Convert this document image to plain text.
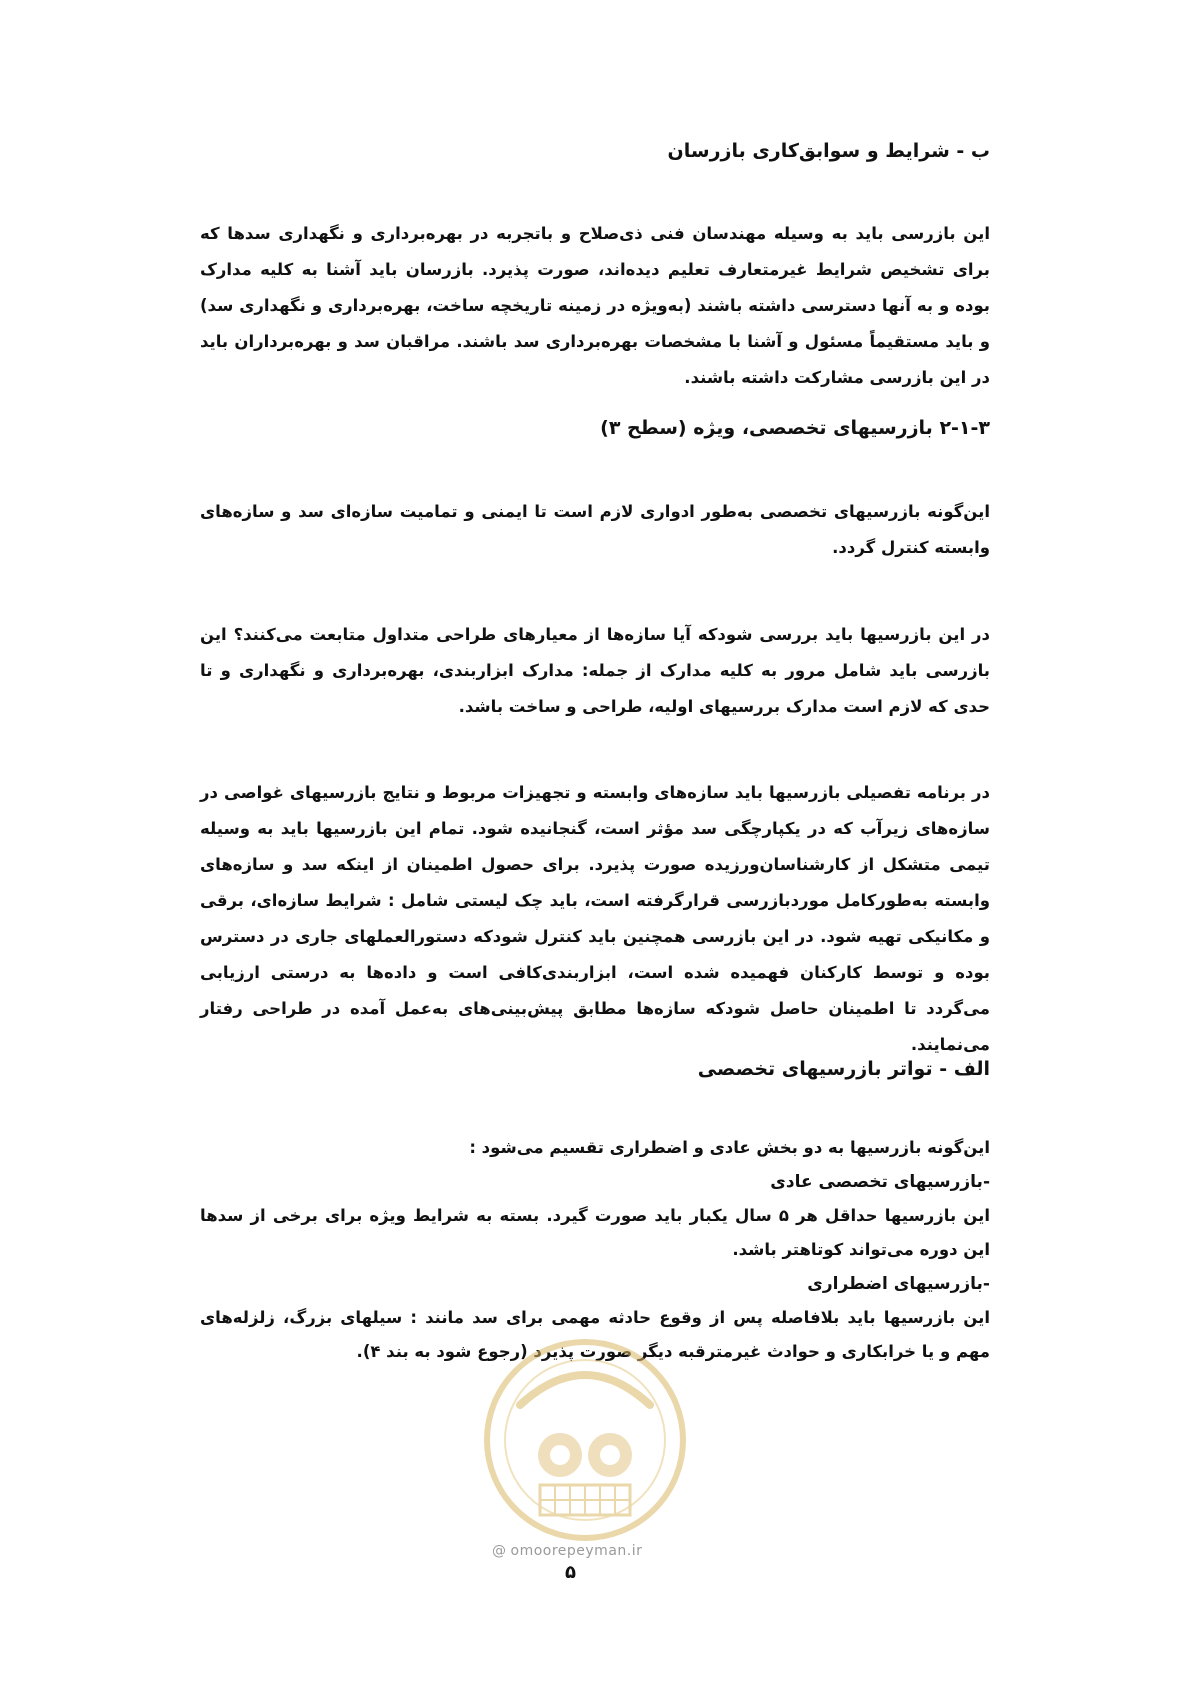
ب - شرایط و سوابق‌کاری بازرسان

این بازرسی باید به وسیله مهندسان فنی ذی‌صلاح و باتجربه در بهره‌برداری و نگهداری سدها که برای تشخیص شرایط غیرمتعارف تعلیم دیده‌اند، صورت پذیرد. بازرسان باید آشنا به کلیه مدارک بوده و به آنها دسترسی داشته باشند (به‌ویژه در زمینه تاریخچه ساخت، بهره‌برداری و نگهداری سد) و باید مستقیماً مسئول و آشنا با مشخصات بهره‌برداری سد باشند. مراقبان سد و بهره‌برداران باید در این بازرسی مشارکت داشته باشند.

۲-۱-۳ بازرسیهای تخصصی، ویژه (سطح ۳)

این‌گونه بازرسیهای تخصصی به‌طور ادواری لازم است تا ایمنی و تمامیت سازه‌ای سد و سازه‌های وابسته کنترل گردد.

در این بازرسیها باید بررسی شود‌که آیا سازه‌ها از معیارهای طراحی متداول متابعت می‌کنند؟ این بازرسی باید شامل مرور به کلیه مدارک از جمله: مدارک ابزاربندی، بهره‌برداری و نگهداری و تا حدی که لازم است مدارک بررسیهای اولیه، طراحی و ساخت باشد.

در برنامه تفصیلی بازرسیها باید سازه‌های وابسته و تجهیزات مربوط و نتایج بازرسیهای غواصی در سازه‌های زیرآب که در یکپارچگی سد مؤثر است، گنجانیده شود. تمام این بازرسیها باید به وسیله تیمی متشکل از کارشناسان‌ورزیده صورت پذیرد. برای حصول اطمینان از اینکه سد و سازه‌های وابسته به‌طور‌کامل مورد‌بازرسی قرار‌گرفته است، باید چک لیستی شامل : شرایط سازه‌ای، برقی و مکانیکی تهیه شود. در این بازرسی همچنین باید کنترل شود‌که دستورالعملهای جاری در دسترس بوده و توسط کارکنان فهمیده شده است، ابزاربندی‌کافی است و داده‌ها به درستی ارزیابی می‌گردد تا اطمینان حاصل شود‌که سازه‌ها مطابق پیش‌بینی‌های به‌عمل آمده در طراحی رفتار می‌نمایند.

الف - تواتر بازرسیهای تخصصی

این‌گونه بازرسیها به دو بخش عادی و اضطراری تقسیم می‌شود :

-بازرسیهای تخصصی عادی

این بازرسیها حداقل هر ۵ سال یکبار باید صورت گیرد. بسته به شرایط ویژه برای برخی از سدها این دوره می‌تواند کوتاهتر باشد.

-بازرسیهای اضطراری

این بازرسیها باید بلافاصله پس از وقوع حادثه مهمی برای سد مانند : سیلهای بزرگ، زلزله‌های مهم و یا خرابکاری و حوادث غیرمترقبه دیگر صورت پذیرد (رجوع شود به بند ۴).

@ omoorepeyman.ir
۵
